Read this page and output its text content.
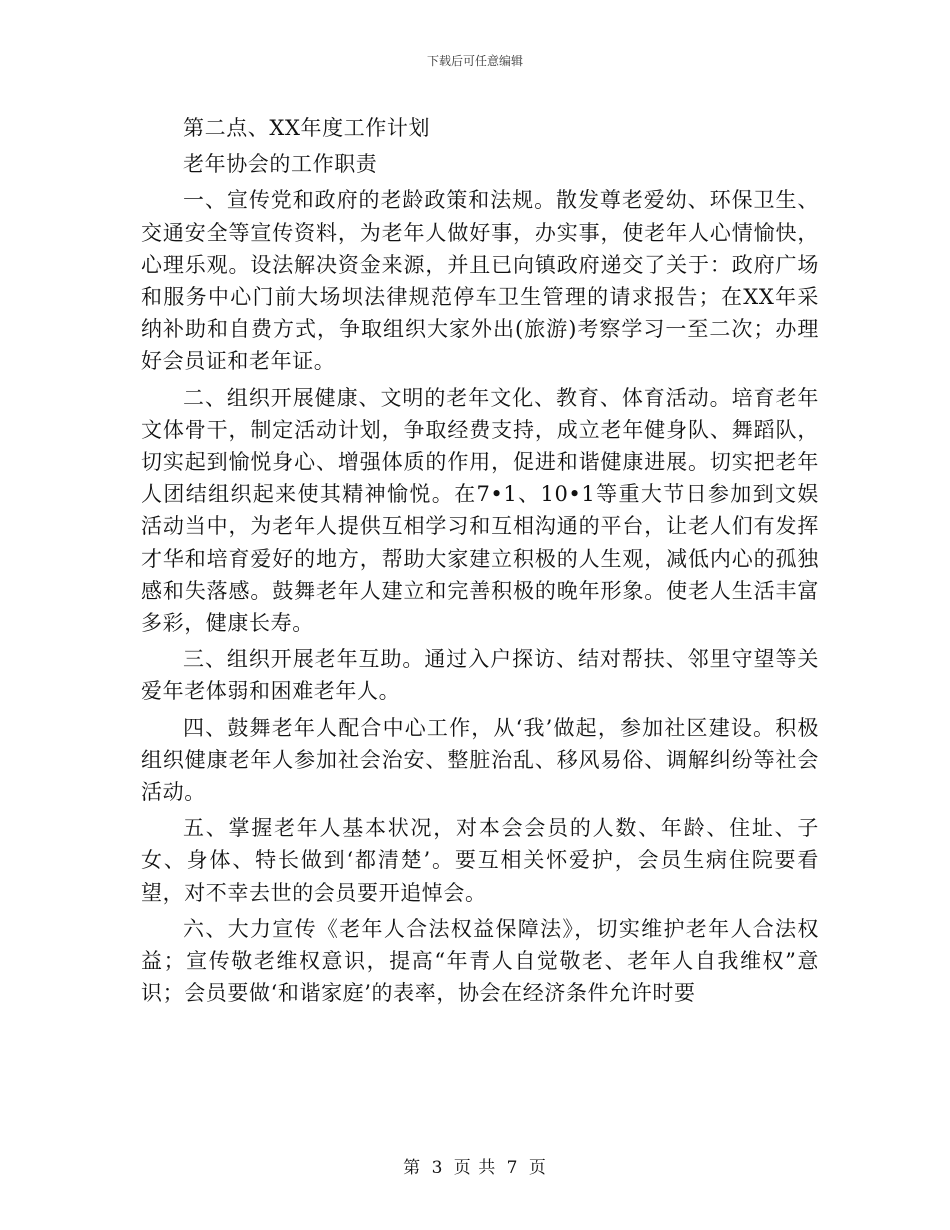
下载后可任意编辑

第二点、XX年度工作计划

老年协会的工作职责

一、宣传党和政府的老龄政策和法规。散发尊老爱幼、环保卫生、交通安全等宣传资料，为老年人做好事，办实事，使老年人心情愉快，心理乐观。设法解决资金来源，并且已向镇政府递交了关于：政府广场和服务中心门前大场坝法律规范停车卫生管理的请求报告；在XX年采纳补助和自费方式，争取组织大家外出(旅游)考察学习一至二次；办理好会员证和老年证。

二、组织开展健康、文明的老年文化、教育、体育活动。培育老年文体骨干，制定活动计划，争取经费支持，成立老年健身队、舞蹈队，切实起到愉悦身心、增强体质的作用，促进和谐健康进展。切实把老年人团结组织起来使其精神愉悦。在7•1、10•1等重大节日参加到文娱活动当中，为老年人提供互相学习和互相沟通的平台，让老人们有发挥才华和培育爱好的地方，帮助大家建立积极的人生观，减低内心的孤独感和失落感。鼓舞老年人建立和完善积极的晚年形象。使老人生活丰富多彩，健康长寿。

三、组织开展老年互助。通过入户探访、结对帮扶、邻里守望等关爱年老体弱和困难老年人。

四、鼓舞老年人配合中心工作，从‘我’做起，参加社区建设。积极组织健康老年人参加社会治安、整脏治乱、移风易俗、调解纠纷等社会活动。

五、掌握老年人基本状况，对本会会员的人数、年龄、住址、子女、身体、特长做到‘都清楚’。要互相关怀爱护，会员生病住院要看望，对不幸去世的会员要开追悼会。

六、大力宣传《老年人合法权益保障法》，切实维护老年人合法权益；宣传敬老维权意识，提高“年青人自觉敬老、老年人自我维权”意识；会员要做‘和谐家庭’的表率，协会在经济条件允许时要

第 3 页 共 7 页
